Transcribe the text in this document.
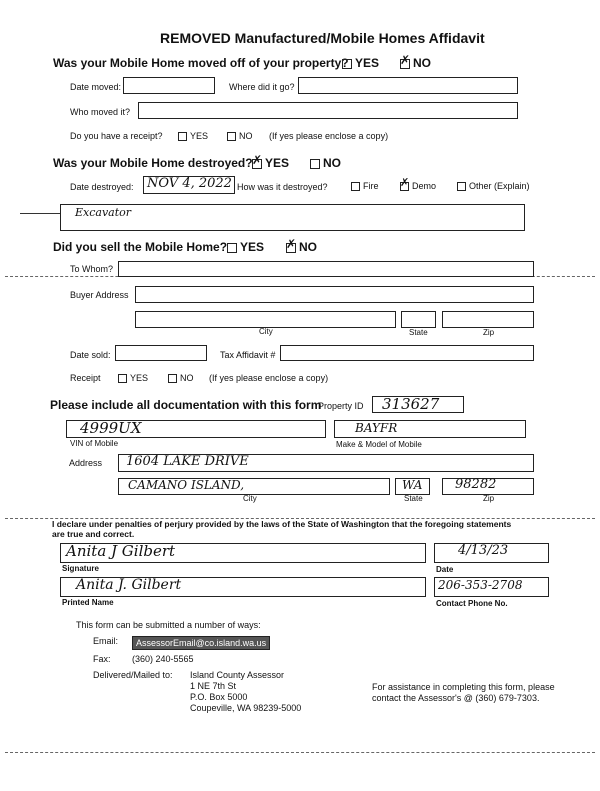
REMOVED Manufactured/Mobile Homes Affidavit
Was your Mobile Home moved off of your property? YES ✗ NO
Date moved:	Where did it go?
Who moved it?
Do you have a receipt?	YES	NO (If yes please enclose a copy)
Was your Mobile Home destroyed? ✗ YES	NO
Date destroyed: NOV 4, 2022 How was it destroyed?	Fire ✗ Demo	Other (Explain)
Excavator
Did you sell the Mobile Home?	YES ✗ NO
To Whom?
Buyer Address
City	State	Zip
Date sold:	Tax Affidavit #
Receipt	YES	NO (If yes please enclose a copy)
Please include all documentation with this form
Property ID 313627
4999UX
VIN of Mobile
BAYFR
Make & Model of Mobile
Address 1604 LAKE DRIVE
CAMANO ISLAND,	WA	98282
City	State	Zip
I declare under penalties of perjury provided by the laws of the State of Washington that the foregoing statements
are true and correct.
Anita J Gilbert
Signature
4/13/23
Date
Anita J. Gilbert
Printed Name
206-353-2708
Contact Phone No.
This form can be submitted a number of ways:
Email:	AssessorEmail@co.island.wa.us
Fax: (360) 240-5565
Delivered/Mailed to: Island County Assessor
1 NE 7th St
P.O. Box 5000
Coupeville, WA 98239-5000
For assistance in completing this form, please
contact the Assessor's @ (360) 679-7303.
